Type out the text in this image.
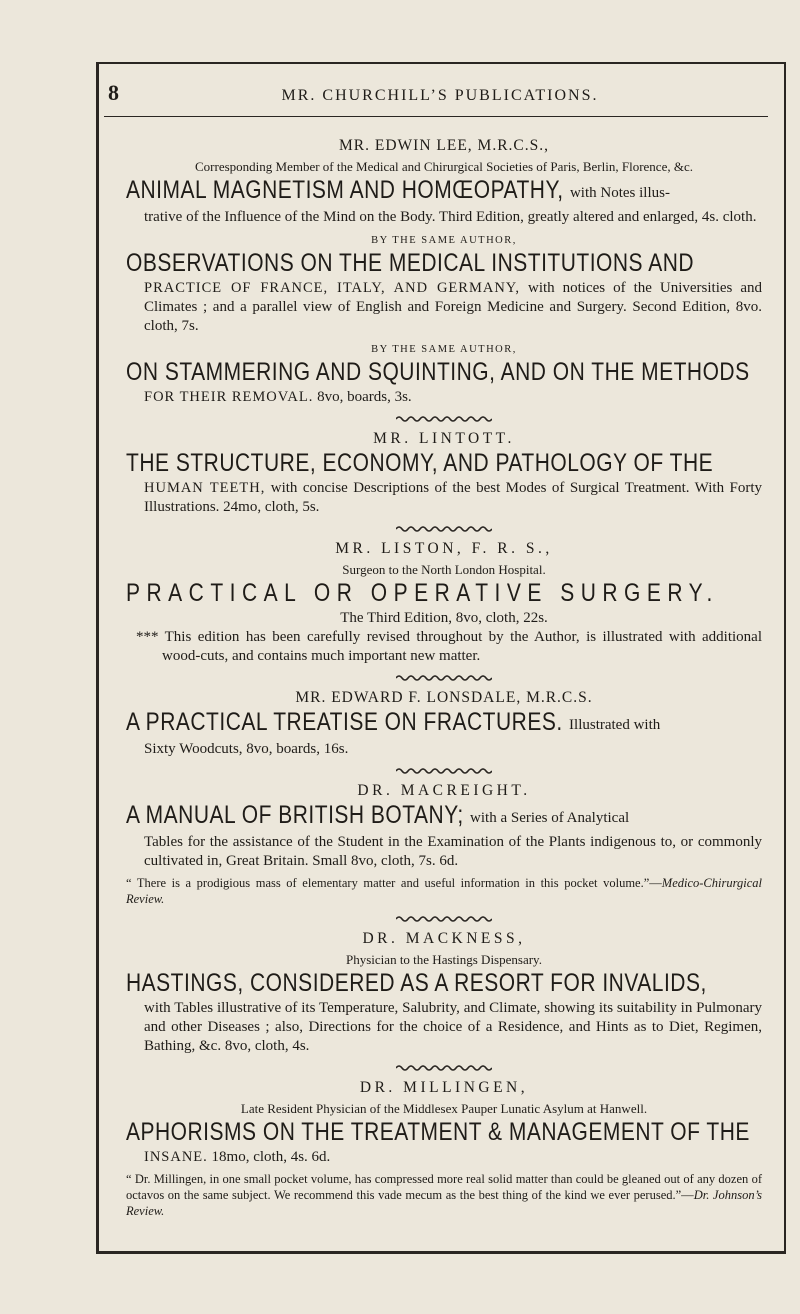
8	MR. CHURCHILL’S PUBLICATIONS.
MR. EDWIN LEE, M.R.C.S.,
Corresponding Member of the Medical and Chirurgical Societies of Paris, Berlin, Florence, &c.
ANIMAL MAGNETISM AND HOMŒOPATHY, with Notes illus-

trative of the Influence of the Mind on the Body. Third Edition, greatly altered and enlarged, 4s. cloth.

BY THE SAME AUTHOR,
OBSERVATIONS ON THE MEDICAL INSTITUTIONS AND

PRACTICE OF FRANCE, ITALY, AND GERMANY, with notices of the Universities and Climates ; and a parallel view of English and Foreign Medicine and Surgery. Second Edition, 8vo. cloth, 7s.

BY THE SAME AUTHOR,
ON STAMMERING AND SQUINTING, AND ON THE METHODS

FOR THEIR REMOVAL. 8vo, boards, 3s.

MR. LINTOTT.
THE STRUCTURE, ECONOMY, AND PATHOLOGY OF THE

HUMAN TEETH, with concise Descriptions of the best Modes of Surgical Treatment. With Forty Illustrations. 24mo, cloth, 5s.

MR. LISTON, F. R. S.,
Surgeon to the North London Hospital.
PRACTICAL OR OPERATIVE SURGERY.
The Third Edition, 8vo, cloth, 22s.

*** This edition has been carefully revised throughout by the Author, is illustrated with additional wood-cuts, and contains much important new matter.

MR. EDWARD F. LONSDALE, M.R.C.S.
A PRACTICAL TREATISE ON FRACTURES. Illustrated with

Sixty Woodcuts, 8vo, boards, 16s.

DR. MACREIGHT.
A MANUAL OF BRITISH BOTANY; with a Series of Analytical

Tables for the assistance of the Student in the Examination of the Plants indigenous to, or commonly cultivated in, Great Britain. Small 8vo, cloth, 7s. 6d.

“ There is a prodigious mass of elementary matter and useful information in this pocket volume.”—Medico-Chirurgical Review.

DR. MACKNESS,
Physician to the Hastings Dispensary.
HASTINGS, CONSIDERED AS A RESORT FOR INVALIDS,

with Tables illustrative of its Temperature, Salubrity, and Climate, showing its suitability in Pulmonary and other Diseases ; also, Directions for the choice of a Residence, and Hints as to Diet, Regimen, Bathing, &c. 8vo, cloth, 4s.

DR. MILLINGEN,
Late Resident Physician of the Middlesex Pauper Lunatic Asylum at Hanwell.
APHORISMS ON THE TREATMENT & MANAGEMENT OF THE

INSANE. 18mo, cloth, 4s. 6d.

“ Dr. Millingen, in one small pocket volume, has compressed more real solid matter than could be gleaned out of any dozen of octavos on the same subject. We recommend this vade mecum as the best thing of the kind we ever perused.”—Dr. Johnson’s Review.
